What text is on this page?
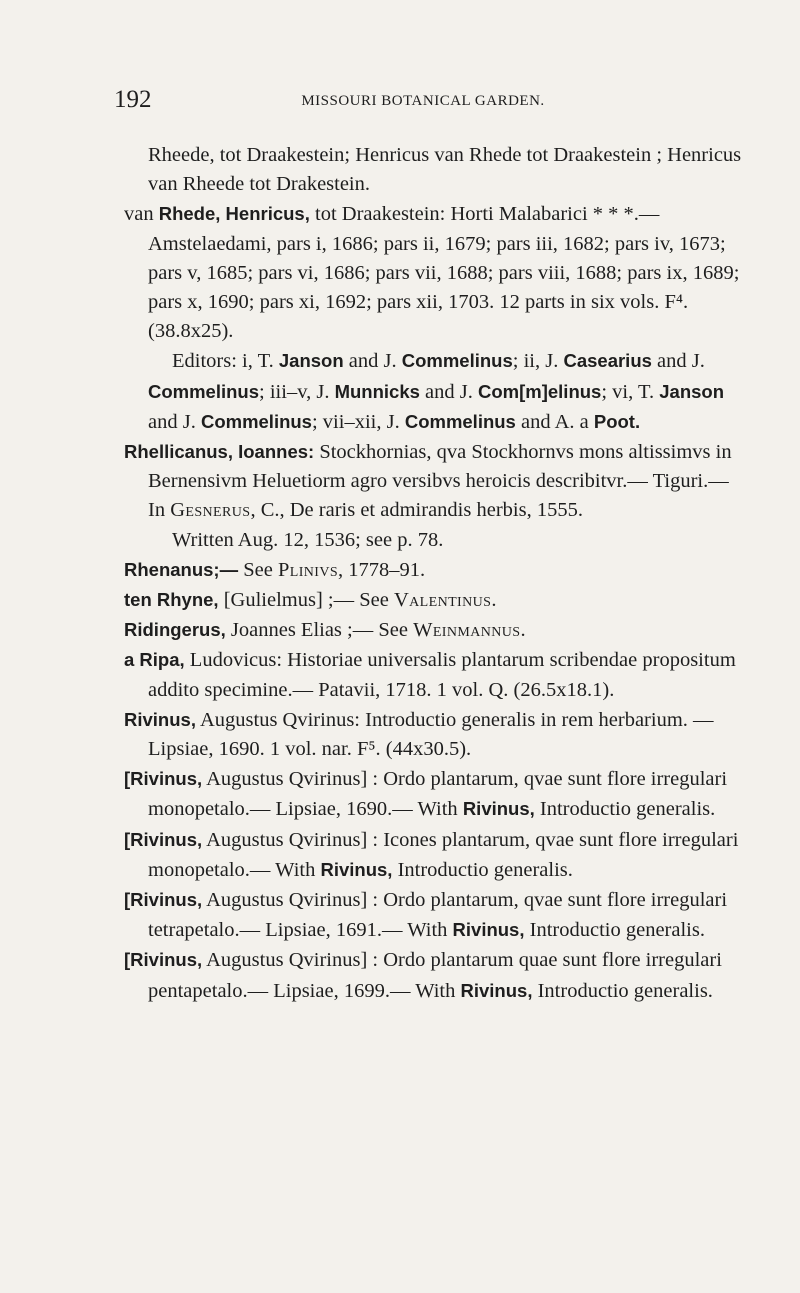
192	MISSOURI BOTANICAL GARDEN.
Rheede, tot Draakestein; Henricus van Rhede tot Draakestein ; Henricus van Rheede tot Drakestein.
van Rhede, Henricus, tot Draakestein: Horti Malabarici * * *.— Amstelaedami, pars i, 1686; pars ii, 1679; pars iii, 1682; pars iv, 1673; pars v, 1685; pars vi, 1686; pars vii, 1688; pars viii, 1688; pars ix, 1689; pars x, 1690; pars xi, 1692; pars xii, 1703. 12 parts in six vols. F⁴. (38.8x25).
Editors: i, T. Janson and J. Commelinus; ii, J. Casearius and J. Commelinus; iii–v, J. Munnicks and J. Com[m]elinus; vi, T. Janson and J. Commelinus; vii–xii, J. Commelinus and A. a Poot.
Rhellicanus, Ioannes: Stockhornias, qva Stockhornvs mons altissimvs in Bernensivm Heluetiorm agro versibvs heroicis describitvr.— Tiguri.—In Gesnerus, C., De raris et admirandis herbis, 1555.
Written Aug. 12, 1536; see p. 78.
Rhenanus;— See Plinivs, 1778–91.
ten Rhyne, [Gulielmus] ;— See Valentinus.
Ridingerus, Joannes Elias ;— See Weinmannus.
a Ripa, Ludovicus: Historiae universalis plantarum scribendae propositum addito specimine.— Patavii, 1718. 1 vol. Q. (26.5x18.1).
Rivinus, Augustus Qvirinus: Introductio generalis in rem herbarium. — Lipsiae, 1690. 1 vol. nar. F⁵. (44x30.5).
[Rivinus, Augustus Qvirinus] : Ordo plantarum, qvae sunt flore irregulari monopetalo.— Lipsiae, 1690.— With Rivinus, Introductio generalis.
[Rivinus, Augustus Qvirinus] : Icones plantarum, qvae sunt flore irregulari monopetalo.— With Rivinus, Introductio generalis.
[Rivinus, Augustus Qvirinus] : Ordo plantarum, qvae sunt flore irregulari tetrapetalo.— Lipsiae, 1691.— With Rivinus, Introductio generalis.
[Rivinus, Augustus Qvirinus] : Ordo plantarum quae sunt flore irregulari pentapetalo.— Lipsiae, 1699.— With Rivinus, Introductio generalis.
